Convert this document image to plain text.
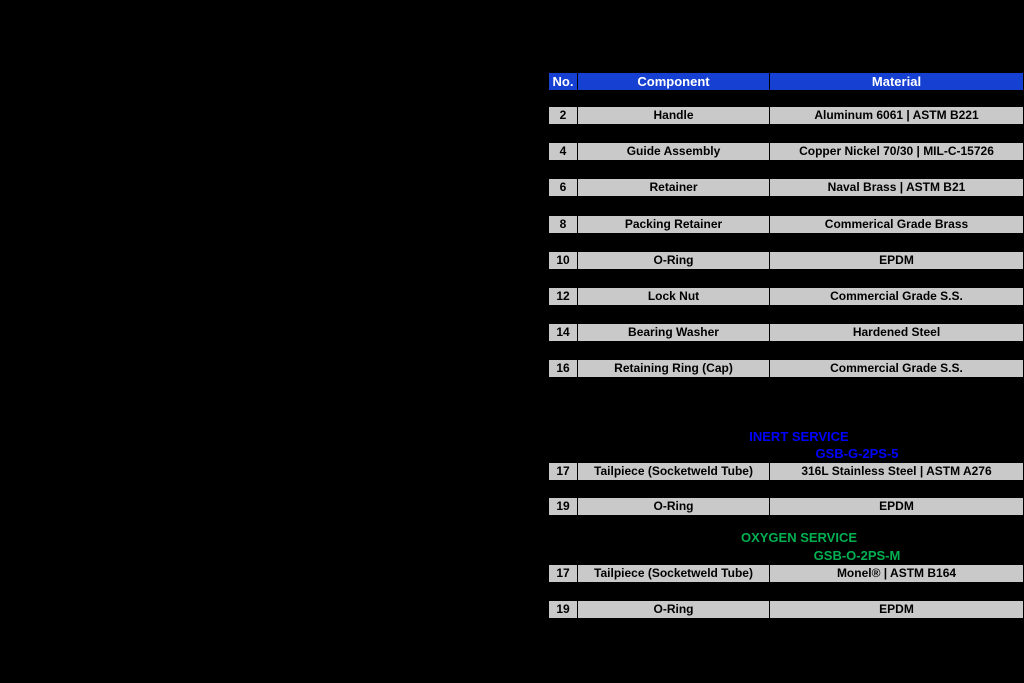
No.	Component	Material
2	Handle	Aluminum 6061 | ASTM B221
4	Guide Assembly	Copper Nickel 70/30 | MIL-C-15726
6	Retainer	Naval Brass | ASTM B21
8	Packing Retainer	Commerical Grade Brass
10	O-Ring	EPDM
12	Lock Nut	Commercial Grade S.S.
14	Bearing Washer	Hardened Steel
16	Retaining Ring (Cap)	Commercial Grade S.S.
INERT SERVICE
GSB-G-2PS-5
17	Tailpiece (Socketweld Tube)	316L Stainless Steel | ASTM A276
19	O-Ring	EPDM
OXYGEN SERVICE
GSB-O-2PS-M
17	Tailpiece (Socketweld Tube)	Monel® | ASTM B164
19	O-Ring	EPDM
